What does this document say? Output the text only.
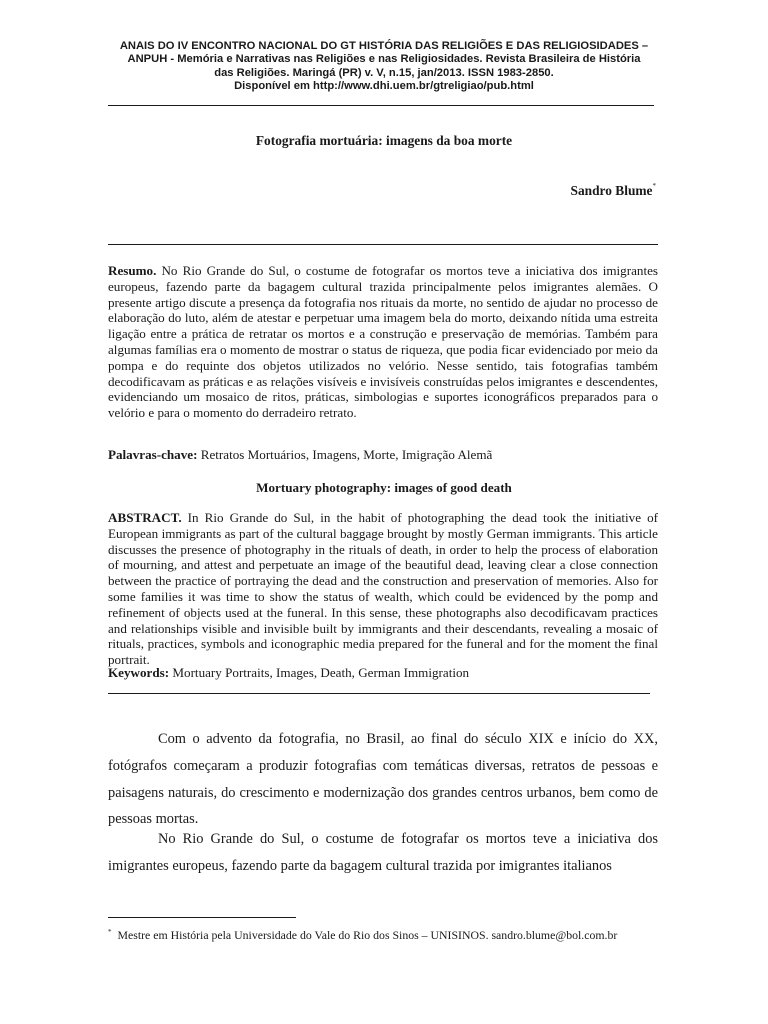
ANAIS DO IV ENCONTRO NACIONAL DO GT HISTÓRIA DAS RELIGIÕES E DAS RELIGIOSIDADES –
ANPUH - Memória e Narrativas nas Religiões e nas Religiosidades. Revista Brasileira de História
das Religiões. Maringá (PR) v. V, n.15, jan/2013. ISSN 1983-2850.
Disponível em http://www.dhi.uem.br/gtreligiao/pub.html
Fotografia mortuária: imagens da boa morte
Sandro Blume*

Resumo. No Rio Grande do Sul, o costume de fotografar os mortos teve a iniciativa dos imigrantes europeus, fazendo parte da bagagem cultural trazida principalmente pelos imigrantes alemães. O presente artigo discute a presença da fotografia nos rituais da morte, no sentido de ajudar no processo de elaboração do luto, além de atestar e perpetuar uma imagem bela do morto, deixando nítida uma estreita ligação entre a prática de retratar os mortos e a construção e preservação de memórias. Também para algumas famílias era o momento de mostrar o status de riqueza, que podia ficar evidenciado por meio da pompa e do requinte dos objetos utilizados no velório. Nesse sentido, tais fotografias também decodificavam as práticas e as relações visíveis e invisíveis construídas pelos imigrantes e descendentes, evidenciando um mosaico de ritos, práticas, simbologias e suportes iconográficos preparados para o velório e para o momento do derradeiro retrato.

Palavras-chave: Retratos Mortuários, Imagens, Morte, Imigração Alemã

Mortuary photography: images of good death

ABSTRACT. In Rio Grande do Sul, in the habit of photographing the dead took the initiative of European immigrants as part of the cultural baggage brought by mostly German immigrants. This article discusses the presence of photography in the rituals of death, in order to help the process of elaboration of mourning, and attest and perpetuate an image of the beautiful dead, leaving clear a close connection between the practice of portraying the dead and the construction and preservation of memories. Also for some families it was time to show the status of wealth, which could be evidenced by the pomp and refinement of objects used at the funeral. In this sense, these photographs also decodificavam practices and relationships visible and invisible built by immigrants and their descendants, revealing a mosaic of rituals, practices, symbols and iconographic media prepared for the funeral and for the moment the final portrait.

Keywords: Mortuary Portraits, Images, Death, German Immigration

Com o advento da fotografia, no Brasil, ao final do século XIX e início do XX, fotógrafos começaram a produzir fotografias com temáticas diversas, retratos de pessoas e paisagens naturais, do crescimento e modernização dos grandes centros urbanos, bem como de pessoas mortas.

No Rio Grande do Sul, o costume de fotografar os mortos teve a iniciativa dos imigrantes europeus, fazendo parte da bagagem cultural trazida por imigrantes italianos

* Mestre em História pela Universidade do Vale do Rio dos Sinos – UNISINOS. sandro.blume@bol.com.br
